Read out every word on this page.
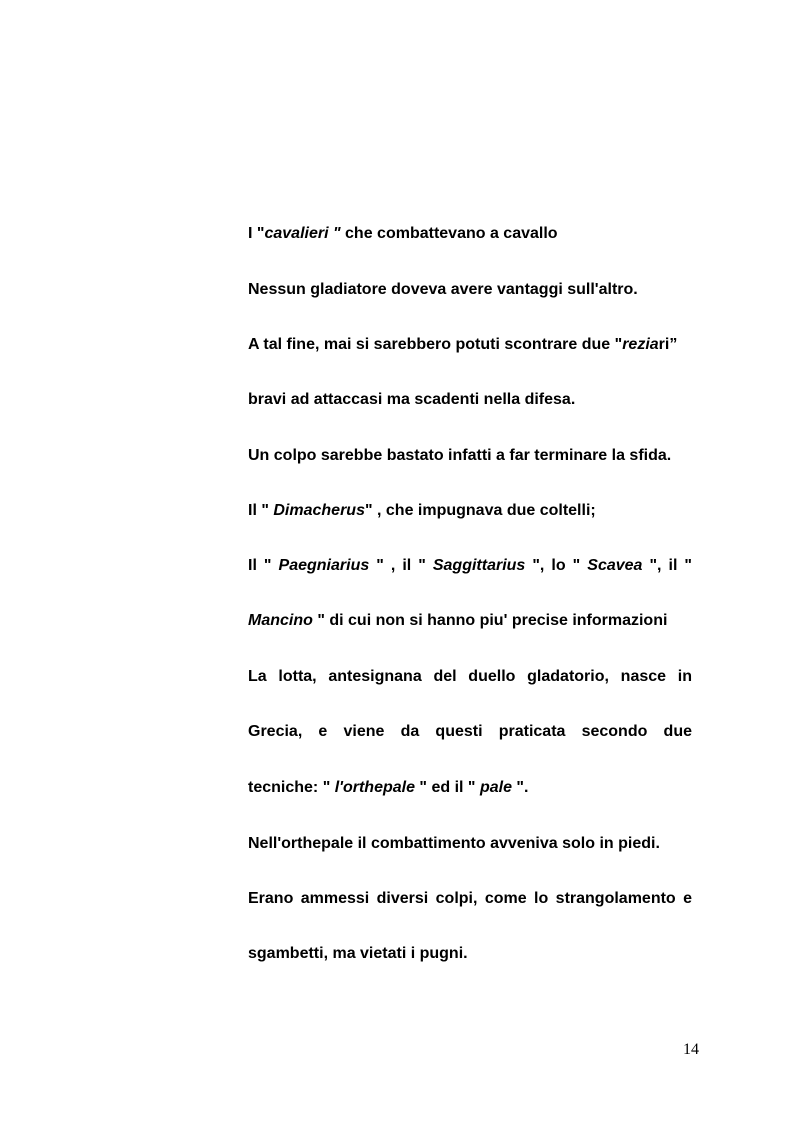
I "cavalieri " che combattevano a cavallo
Nessun gladiatore doveva avere vantaggi sull'altro.
A tal fine, mai si sarebbero potuti scontrare due "reziari”
bravi ad attaccasi ma scadenti nella difesa.
Un colpo sarebbe bastato infatti a far terminare la sfida.
Il " Dimacherus" , che impugnava due coltelli;
Il " Paegniarius " , il " Saggittarius ", lo " Scavea ", il "
Mancino " di cui non si hanno piu' precise informazioni
La lotta, antesignana del duello gladatorio, nasce in
Grecia, e viene da questi praticata secondo due
tecniche: " l'orthepale " ed il " pale ".
Nell'orthepale il combattimento avveniva solo in piedi.
Erano ammessi diversi colpi, come lo strangolamento e
sgambetti, ma vietati i pugni.
14
